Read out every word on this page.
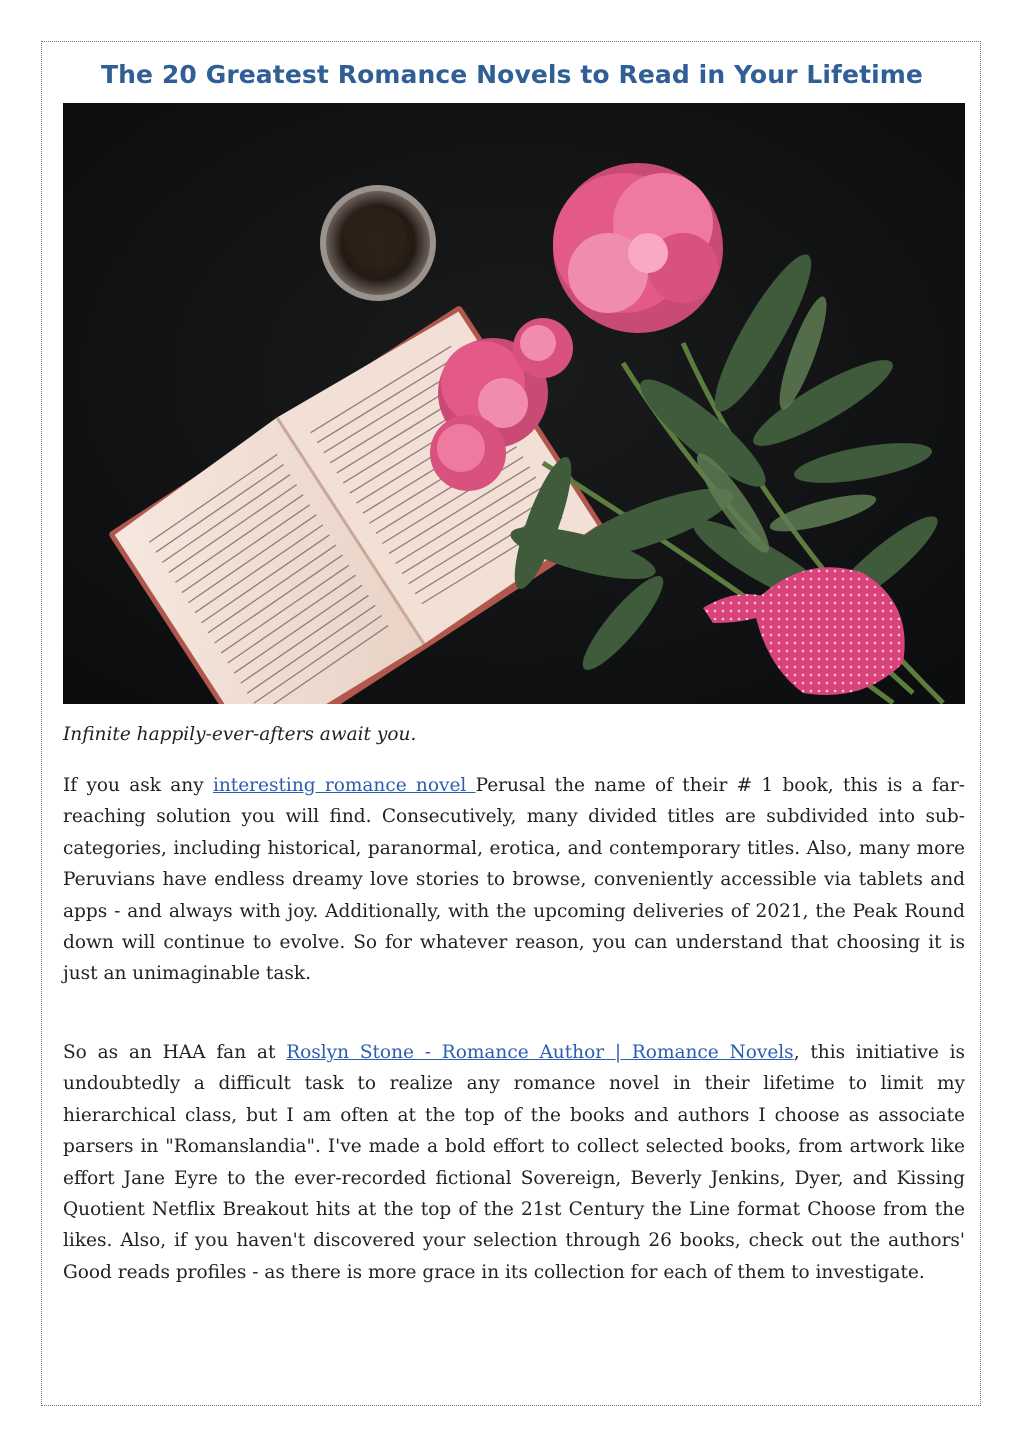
The 20 Greatest Romance Novels to Read in Your Lifetime

Infinite happily-ever-afters await you.

If you ask any interesting romance novel Perusal the name of their # 1 book, this is a far-reaching solution you will find. Consecutively, many divided titles are subdivided into sub-categories, including historical, paranormal, erotica, and contemporary titles. Also, many more Peruvians have endless dreamy love stories to browse, conveniently accessible via tablets and apps - and always with joy. Additionally, with the upcoming deliveries of 2021, the Peak Round down will continue to evolve. So for whatever reason, you can understand that choosing it is just an unimaginable task.

So as an HAA fan at Roslyn Stone - Romance Author | Romance Novels, this initiative is undoubtedly a difficult task to realize any romance novel in their lifetime to limit my hierarchical class, but I am often at the top of the books and authors I choose as associate parsers in "Romanslandia". I've made a bold effort to collect selected books, from artwork like effort Jane Eyre to the ever-recorded fictional Sovereign, Beverly Jenkins, Dyer, and Kissing Quotient Netflix Breakout hits at the top of the 21st Century the Line format Choose from the likes. Also, if you haven't discovered your selection through 26 books, check out the authors' Good reads profiles - as there is more grace in its collection for each of them to investigate.
